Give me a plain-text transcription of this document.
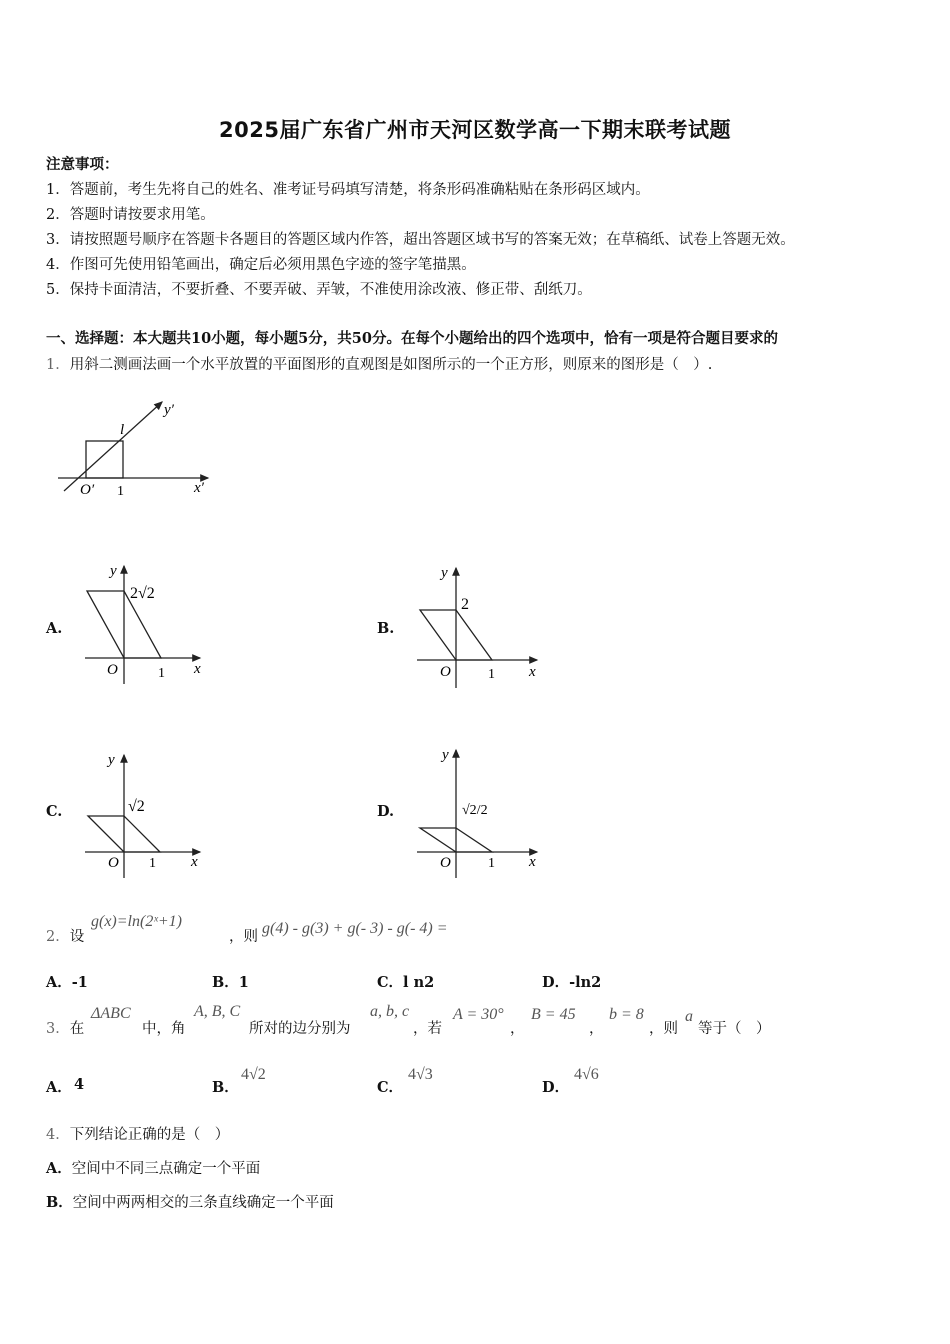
2025届广东省广州市天河区数学高一下期末联考试题
注意事项：
1．答题前，考生先将自己的姓名、准考证号码填写清楚，将条形码准确粘贴在条形码区域内。
2．答题时请按要求用笔。
3．请按照题号顺序在答题卡各题目的答题区域内作答，超出答题区域书写的答案无效；在草稿纸、试卷上答题无效。
4．作图可先使用铅笔画出，确定后必须用黑色字迹的签字笔描黑。
5．保持卡面清洁，不要折叠、不要弄破、弄皱，不准使用涂改液、修正带、刮纸刀。
一、选择题：本大题共10小题，每小题5分，共50分。在每个小题给出的四个选项中，恰有一项是符合题目要求的
1．用斜二测画法画一个水平放置的平面图形的直观图是如图所示的一个正方形，则原来的图形是（　）.
y′
x′
O′ 1
l
A.
y
x
O	1
2√2
B.
y
x
O	1
2
C.
y
x
O 1
√2	D.
y
x
O	1
√2/2
2．设
g(x)=ln(2ˣ+1)
，则 g(4) - g(3) + g(- 3) - g(- 4) =
A．-1	B．1	C．l n2	D．-ln2
3．在
ΔABC
中，角
A, B, C
所对的边分别为
a, b, c
，若
A = 30°
，
B = 45
，
b = 8
，则
a
等于（　）
A． 4	B．
4√2
C．
4√3
D．
4√6
4．下列结论正确的是（　）
A．空间中不同三点确定一个平面
B．空间中两两相交的三条直线确定一个平面
